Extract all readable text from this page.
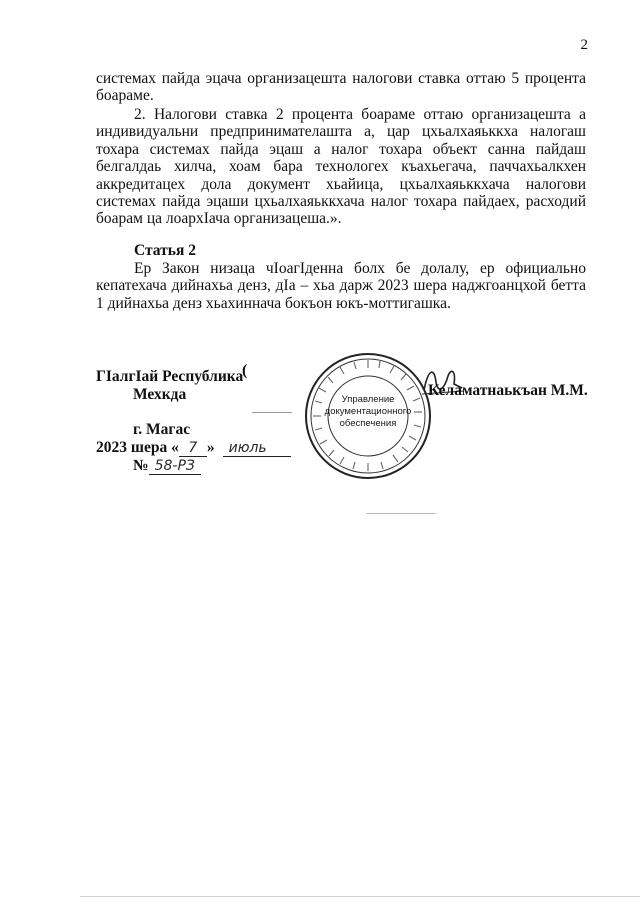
2

системах пайда эцача организацешта налогови ставка оттаю 5 процента боараме.

2. Налогови ставка 2 процента боараме оттаю организацешта а индивидуальни предпринимателашта а, цар цхьалхаяьккха налогаш тохара системах пайда эцаш а налог тохара объект санна пайдаш белгалдаь хилча, хоам бара технологех къахьегача, паччахьалкхен аккредитацех дола документ хьайица, цхьалхаяьккхача налогови системах пайда эцаши цхьалхаяьккхача налог тохара пайдаех, расходий боарам ца лоархIача организацеша.».

Статья 2

Ер Закон низаца чIоагIденна болх бе долалу, ер официально кепатехача дийнахьа денз, дIа – хьа дарж 2023 шера наджгоанцхой бетта 1 дийнахьа денз хьахиннача бокъон юкъ-моттигашка.

ГIалгIай Республика
Мехкда
г. Магас
2023 шера « 7 » июль
№ 58-РЗ
(
Келаматнаькъан М.М.
Управление документационного обеспечения
